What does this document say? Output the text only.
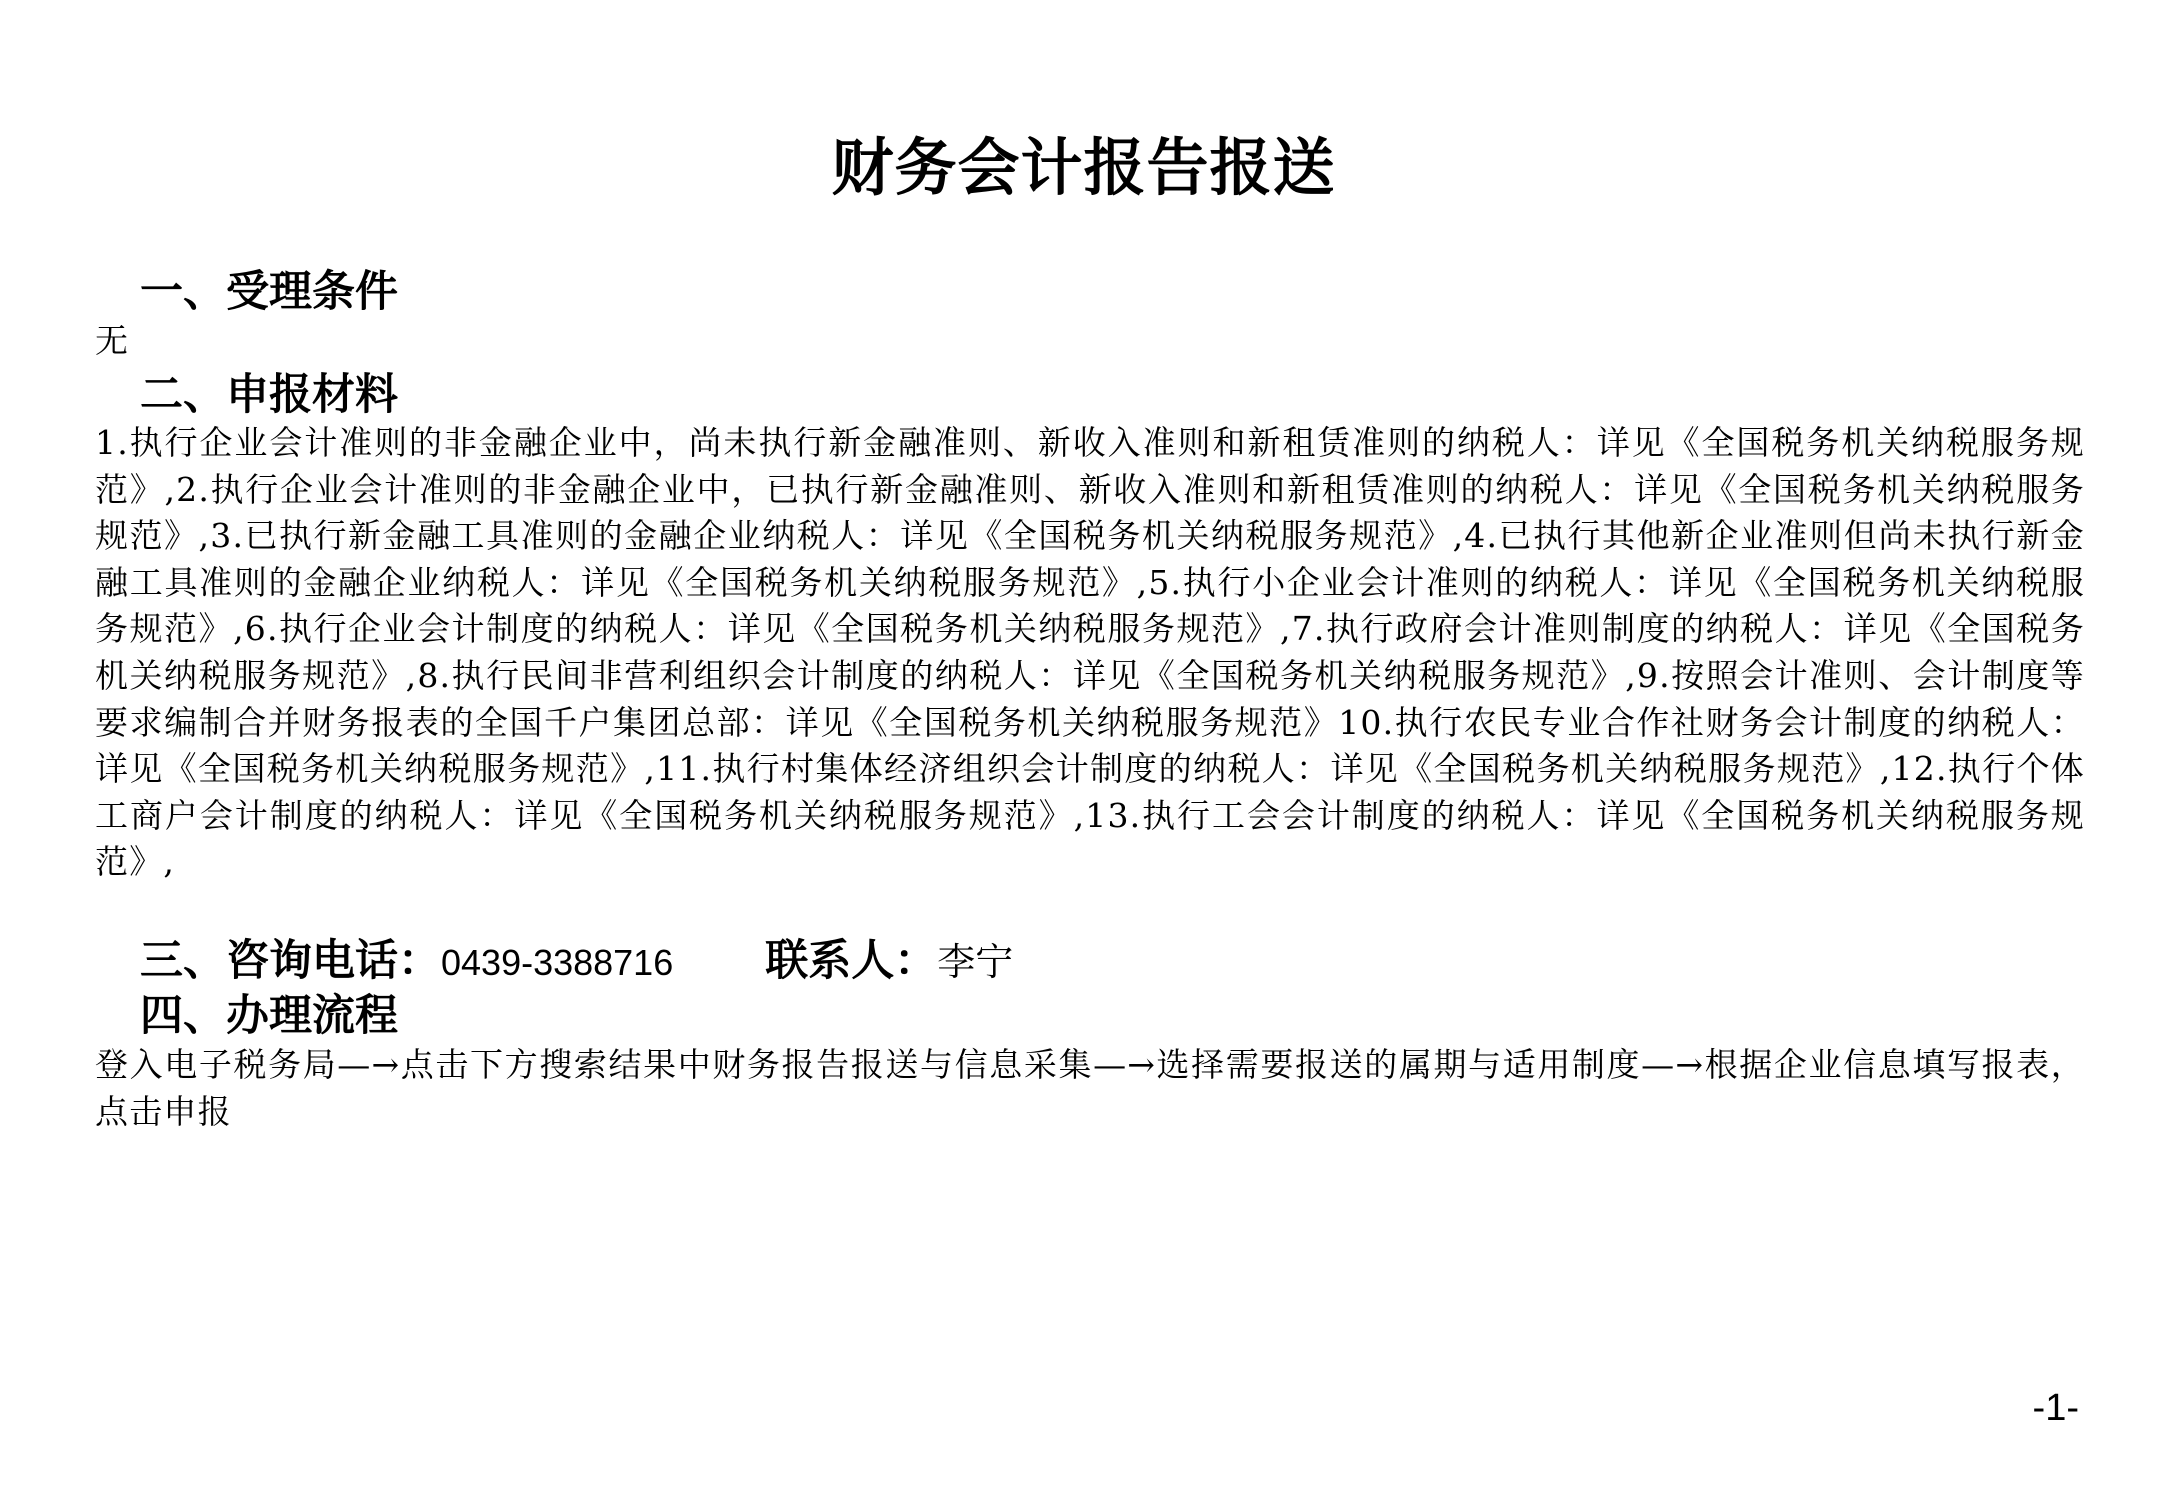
财务会计报告报送
一、受理条件
无
二、申报材料
1.执行企业会计准则的非金融企业中，尚未执行新金融准则、新收入准则和新租赁准则的纳税人：详见《全国税务机关纳税服务规范》,2.执行企业会计准则的非金融企业中，已执行新金融准则、新收入准则和新租赁准则的纳税人：详见《全国税务机关纳税服务规范》,3.已执行新金融工具准则的金融企业纳税人：详见《全国税务机关纳税服务规范》,4.已执行其他新企业准则但尚未执行新金融工具准则的金融企业纳税人：详见《全国税务机关纳税服务规范》,5.执行小企业会计准则的纳税人：详见《全国税务机关纳税服务规范》,6.执行企业会计制度的纳税人：详见《全国税务机关纳税服务规范》,7.执行政府会计准则制度的纳税人：详见《全国税务机关纳税服务规范》,8.执行民间非营利组织会计制度的纳税人：详见《全国税务机关纳税服务规范》,9.按照会计准则、会计制度等要求编制合并财务报表的全国千户集团总部：详见《全国税务机关纳税服务规范》10.执行农民专业合作社财务会计制度的纳税人：详见《全国税务机关纳税服务规范》,11.执行村集体经济组织会计制度的纳税人：详见《全国税务机关纳税服务规范》,12.执行个体工商户会计制度的纳税人：详见《全国税务机关纳税服务规范》,13.执行工会会计制度的纳税人：详见《全国税务机关纳税服务规范》,
三、咨询电话：0439-3388716 联系人：李宁
四、办理流程
登入电子税务局—→点击下方搜索结果中财务报告报送与信息采集—→选择需要报送的属期与适用制度—→根据企业信息填写报表，点击申报
-1-
